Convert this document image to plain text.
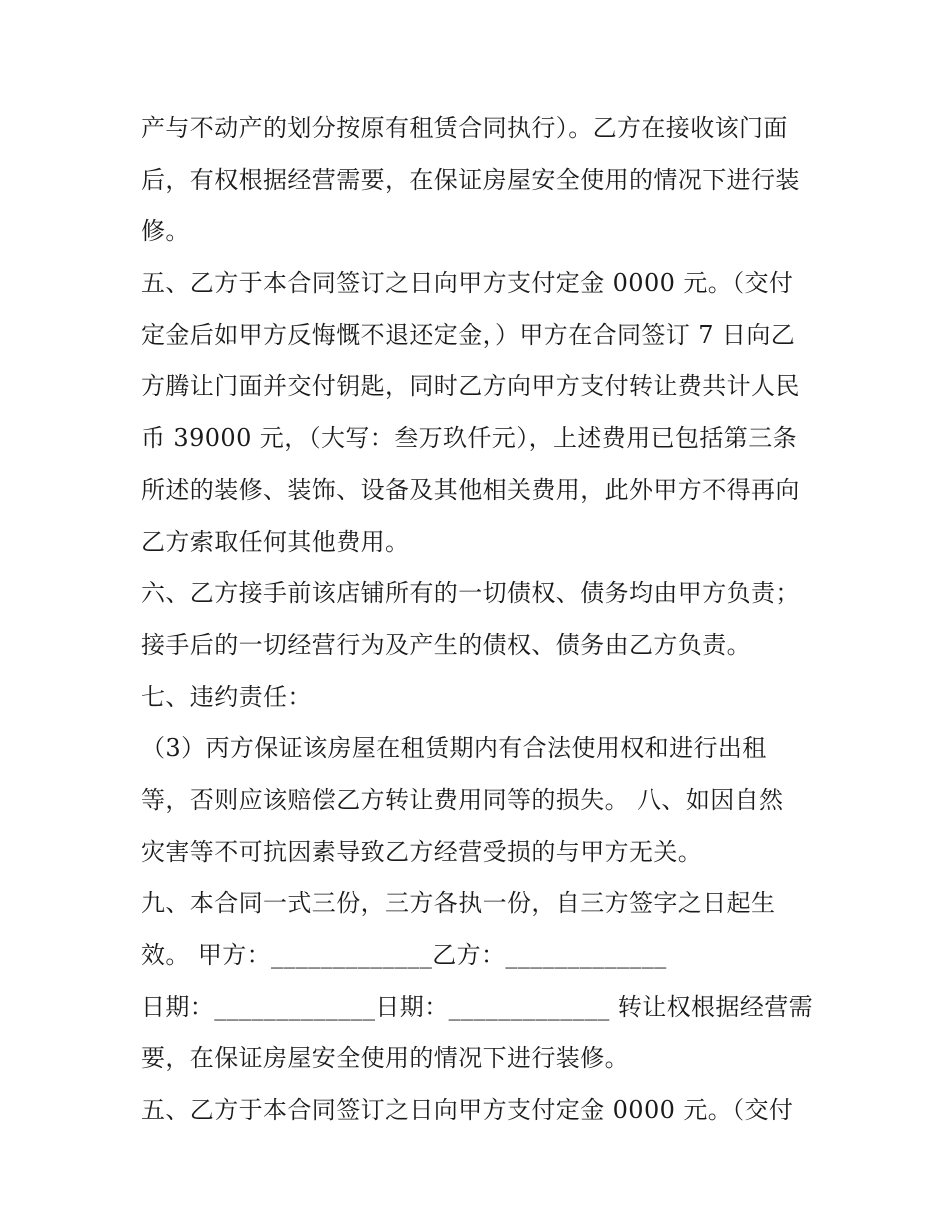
产与不动产的划分按原有租赁合同执行）。乙方在接收该门面
后，有权根据经营需要，在保证房屋安全使用的情况下进行装
修。
五、乙方于本合同签订之日向甲方支付定金 0000 元。（交付
定金后如甲方反悔慨不退还定金，）甲方在合同签订 7 日向乙
方腾让门面并交付钥匙，同时乙方向甲方支付转让费共计人民
币 39000 元，（大写：叁万玖仟元），上述费用已包括第三条
所述的装修、装饰、设备及其他相关费用，此外甲方不得再向
乙方索取任何其他费用。
六、乙方接手前该店铺所有的一切债权、债务均由甲方负责；
接手后的一切经营行为及产生的债权、债务由乙方负责。
七、违约责任：
（3）丙方保证该房屋在租赁期内有合法使用权和进行出租
等，否则应该赔偿乙方转让费用同等的损失。 八、如因自然
灾害等不可抗因素导致乙方经营受损的与甲方无关。
九、本合同一式三份，三方各执一份，自三方签字之日起生
效。 甲方：_____________乙方：_____________
日期：_____________日期：_____________ 转让权根据经营需
要，在保证房屋安全使用的情况下进行装修。
五、乙方于本合同签订之日向甲方支付定金 0000 元。（交付
